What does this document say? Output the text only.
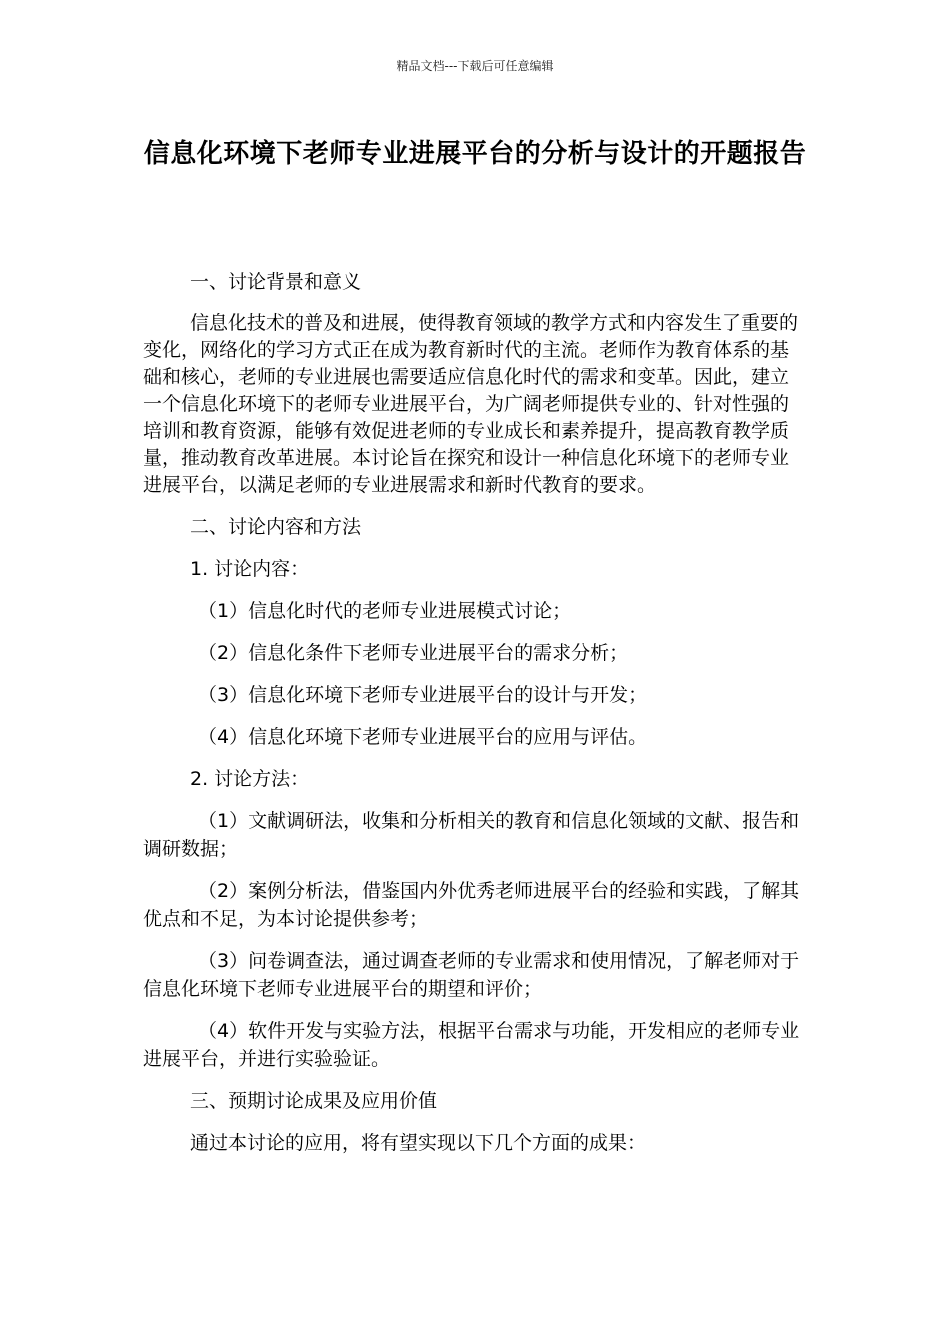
精品文档---下载后可任意编辑
信息化环境下老师专业进展平台的分析与设计的开题报告

一、讨论背景和意义

信息化技术的普及和进展，使得教育领域的教学方式和内容发生了重要的变化，网络化的学习方式正在成为教育新时代的主流。老师作为教育体系的基础和核心，老师的专业进展也需要适应信息化时代的需求和变革。因此，建立一个信息化环境下的老师专业进展平台，为广阔老师提供专业的、针对性强的培训和教育资源，能够有效促进老师的专业成长和素养提升，提高教育教学质量，推动教育改革进展。本讨论旨在探究和设计一种信息化环境下的老师专业进展平台，以满足老师的专业进展需求和新时代教育的要求。

二、讨论内容和方法

1. 讨论内容：

（1）信息化时代的老师专业进展模式讨论；

（2）信息化条件下老师专业进展平台的需求分析；

（3）信息化环境下老师专业进展平台的设计与开发；

（4）信息化环境下老师专业进展平台的应用与评估。

2. 讨论方法：

（1）文献调研法，收集和分析相关的教育和信息化领域的文献、报告和调研数据；

（2）案例分析法，借鉴国内外优秀老师进展平台的经验和实践，了解其优点和不足，为本讨论提供参考；

（3）问卷调查法，通过调查老师的专业需求和使用情况，了解老师对于信息化环境下老师专业进展平台的期望和评价；

（4）软件开发与实验方法，根据平台需求与功能，开发相应的老师专业进展平台，并进行实验验证。

三、预期讨论成果及应用价值

通过本讨论的应用，将有望实现以下几个方面的成果：
